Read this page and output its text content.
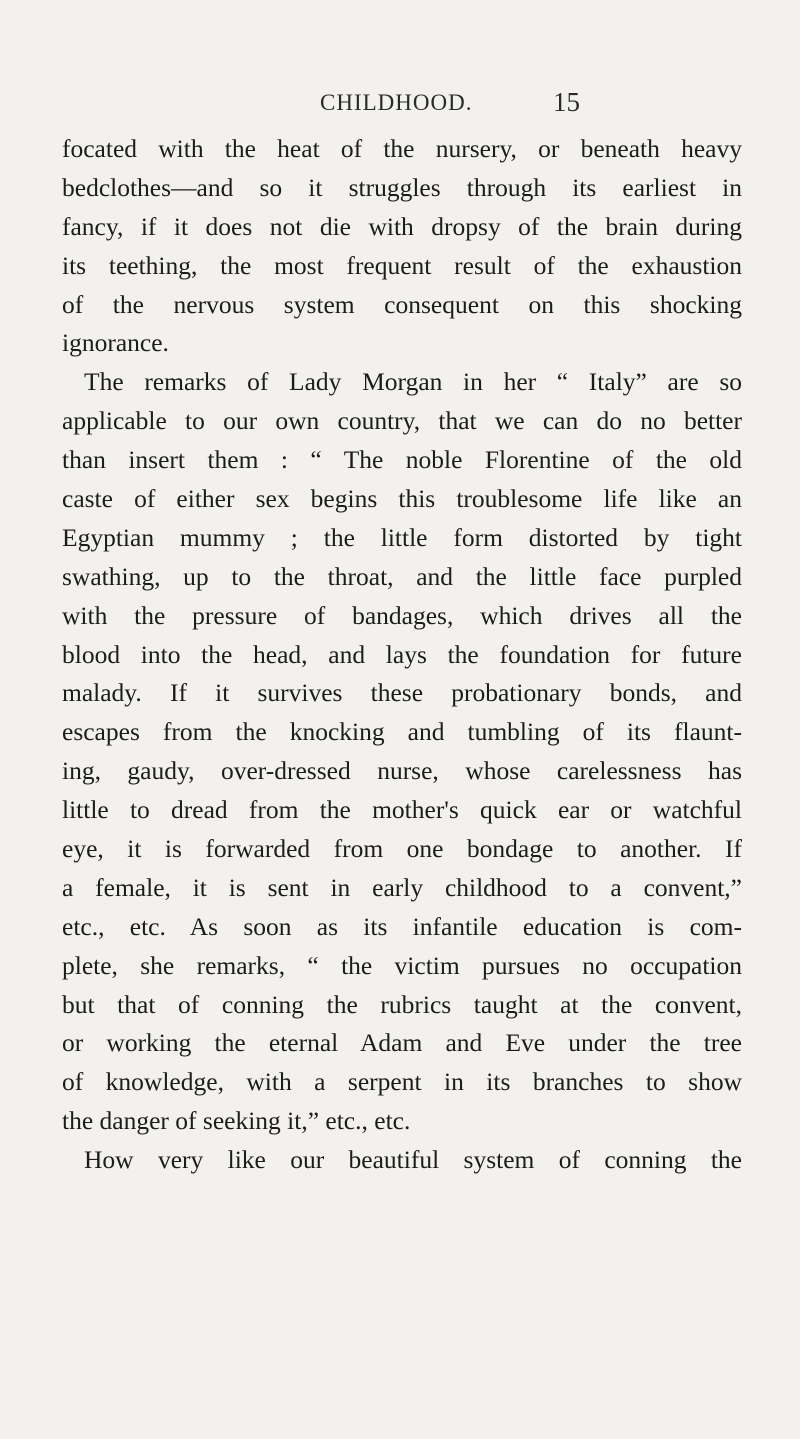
CHILDHOOD.	15
focated with the heat of the nursery, or beneath heavy
bedclothes—and so it struggles through its earliest in
fancy, if it does not die with dropsy of the brain during
its teething, the most frequent result of the exhaustion
of the nervous system consequent on this shocking
ignorance.
The remarks of Lady Morgan in her “ Italy” are so
applicable to our own country, that we can do no better
than insert them : “ The noble Florentine of the old
caste of either sex begins this troublesome life like an
Egyptian mummy ; the little form distorted by tight
swathing, up to the throat, and the little face purpled
with the pressure of bandages, which drives all the
blood into the head, and lays the foundation for future
malady. If it survives these probationary bonds, and
escapes from the knocking and tumbling of its flaunt-
ing, gaudy, over-dressed nurse, whose carelessness has
little to dread from the mother's quick ear or watchful
eye, it is forwarded from one bondage to another. If
a female, it is sent in early childhood to a convent,”
etc., etc. As soon as its infantile education is com-
plete, she remarks, “ the victim pursues no occupation
but that of conning the rubrics taught at the convent,
or working the eternal Adam and Eve under the tree
of knowledge, with a serpent in its branches to show
the danger of seeking it,” etc., etc.
How very like our beautiful system of conning the
